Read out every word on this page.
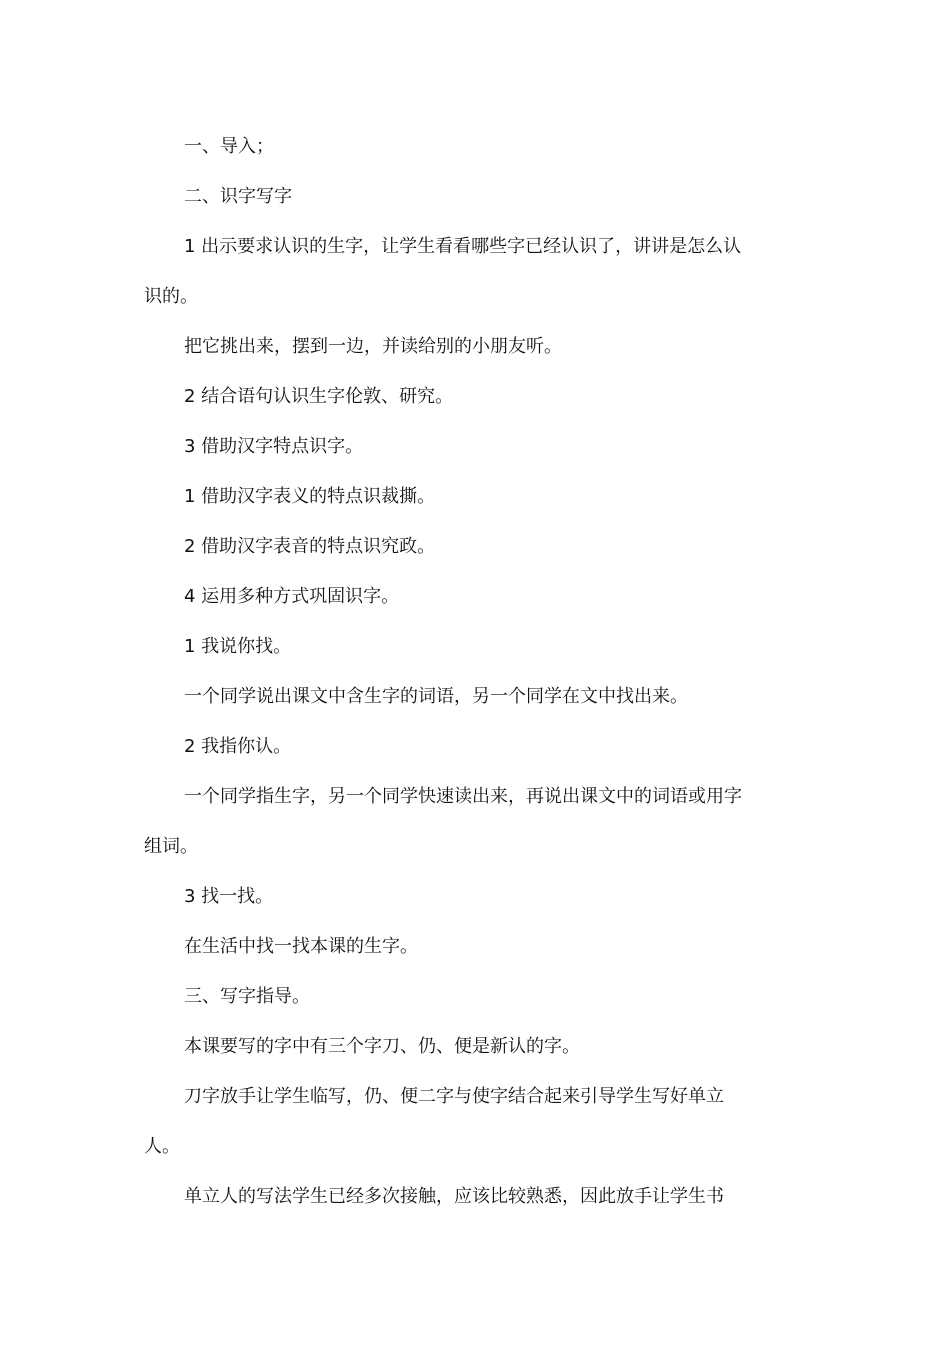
一、导入；

二、识字写字

1 出示要求认识的生字，让学生看看哪些字已经认识了，讲讲是怎么认识的。

把它挑出来，摆到一边，并读给别的小朋友听。

2 结合语句认识生字伦敦、研究。

3 借助汉字特点识字。

1 借助汉字表义的特点识裁撕。

2 借助汉字表音的特点识究政。

4 运用多种方式巩固识字。

1 我说你找。

一个同学说出课文中含生字的词语，另一个同学在文中找出来。

2 我指你认。

一个同学指生字，另一个同学快速读出来，再说出课文中的词语或用字组词。

3 找一找。

在生活中找一找本课的生字。

三、写字指导。

本课要写的字中有三个字刀、仍、便是新认的字。

刀字放手让学生临写，仍、便二字与使字结合起来引导学生写好单立人。

单立人的写法学生已经多次接触，应该比较熟悉，因此放手让学生书
